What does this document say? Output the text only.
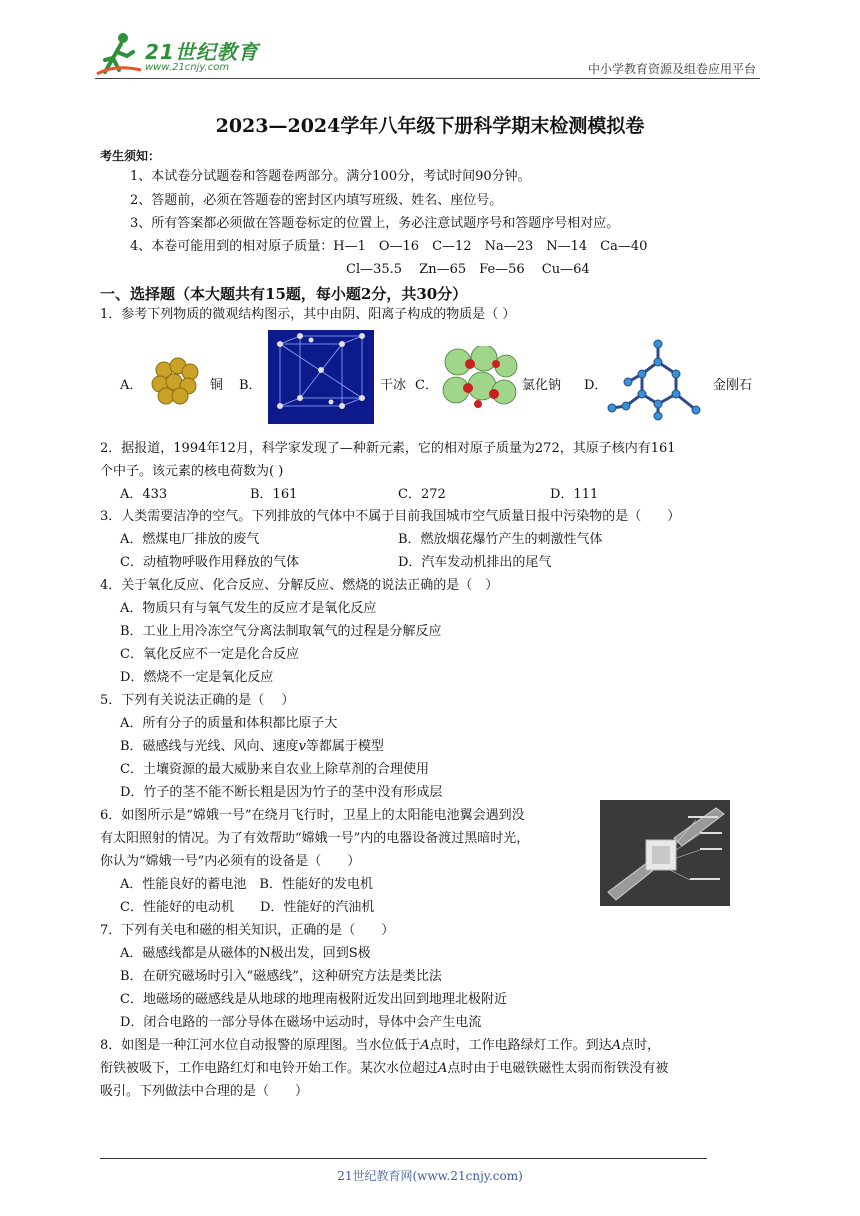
21世纪教育
www.21cnjy.com	中小学教育资源及组卷应用平台
2023—2024学年八年级下册科学期末检测模拟卷
考生须知：
1、本试卷分试题卷和答题卷两部分。满分100分，考试时间90分钟。
2、答题前，必须在答题卷的密封区内填写班级、姓名、座位号。
3、所有答案都必须做在答题卷标定的位置上，务必注意试题序号和答题序号相对应。
4、本卷可能用到的相对原子质量：H—1　O—16　C—12　Na—23　N—14　Ca—40
Cl—35.5　 Zn—65　Fe—56　 Cu—64
一、选择题（本大题共有15题，每小题2分，共30分）
1．参考下列物质的微观结构图示，其中由阴、阳离子构成的物质是（ ）
A．	铜 B．	干冰 C．	氯化钠 D．	金刚石
2．据报道，1994年12月，科学家发现了—种新元素，它的相对原子质量为272，其原子核内有161
个中子。该元素的核电荷数为( )
A．433	B．161	C．272	D．111
3．人类需要洁净的空气。下列排放的气体中不属于目前我国城市空气质量日报中污染物的是（　　）
A．燃煤电厂排放的废气	B．燃放烟花爆竹产生的刺激性气体
C．动植物呼吸作用释放的气体	D．汽车发动机排出的尾气
4．关于氧化反应、化合反应、分解反应、燃烧的说法正确的是（　）
A．物质只有与氧气发生的反应才是氧化反应
B．工业上用冷冻空气分离法制取氧气的过程是分解反应
C．氧化反应不一定是化合反应
D．燃烧不一定是氧化反应
5．下列有关说法正确的是（　 ）
A．所有分子的质量和体积都比原子大
B．磁感线与光线、风向、速度v等都属于模型
C．土壤资源的最大威胁来自农业上除草剂的合理使用
D．竹子的茎不能不断长粗是因为竹子的茎中没有形成层
6．如图所示是“嫦娥一号”在绕月飞行时，卫星上的太阳能电池翼会遇到没
有太阳照射的情况。为了有效帮助“嫦娥一号”内的电器设备渡过黑暗时光，
你认为“嫦娥一号”内必须有的设备是（　　）
A．性能良好的蓄电池　B．性能好的发电机
C．性能好的电动机　　D．性能好的汽油机
7．下列有关电和磁的相关知识，正确的是（　　）
A．磁感线都是从磁体的N极出发，回到S极
B．在研究磁场时引入“磁感线”，这种研究方法是类比法
C．地磁场的磁感线是从地球的地理南极附近发出回到地理北极附近
D．闭合电路的一部分导体在磁场中运动时，导体中会产生电流
8．如图是一种江河水位自动报警的原理图。当水位低于A点时，工作电路绿灯工作。到达A点时，
衔铁被吸下，工作电路红灯和电铃开始工作。某次水位超过A点时由于电磁铁磁性太弱而衔铁没有被
吸引。下列做法中合理的是（　　）
21世纪教育网(www.21cnjy.com)
